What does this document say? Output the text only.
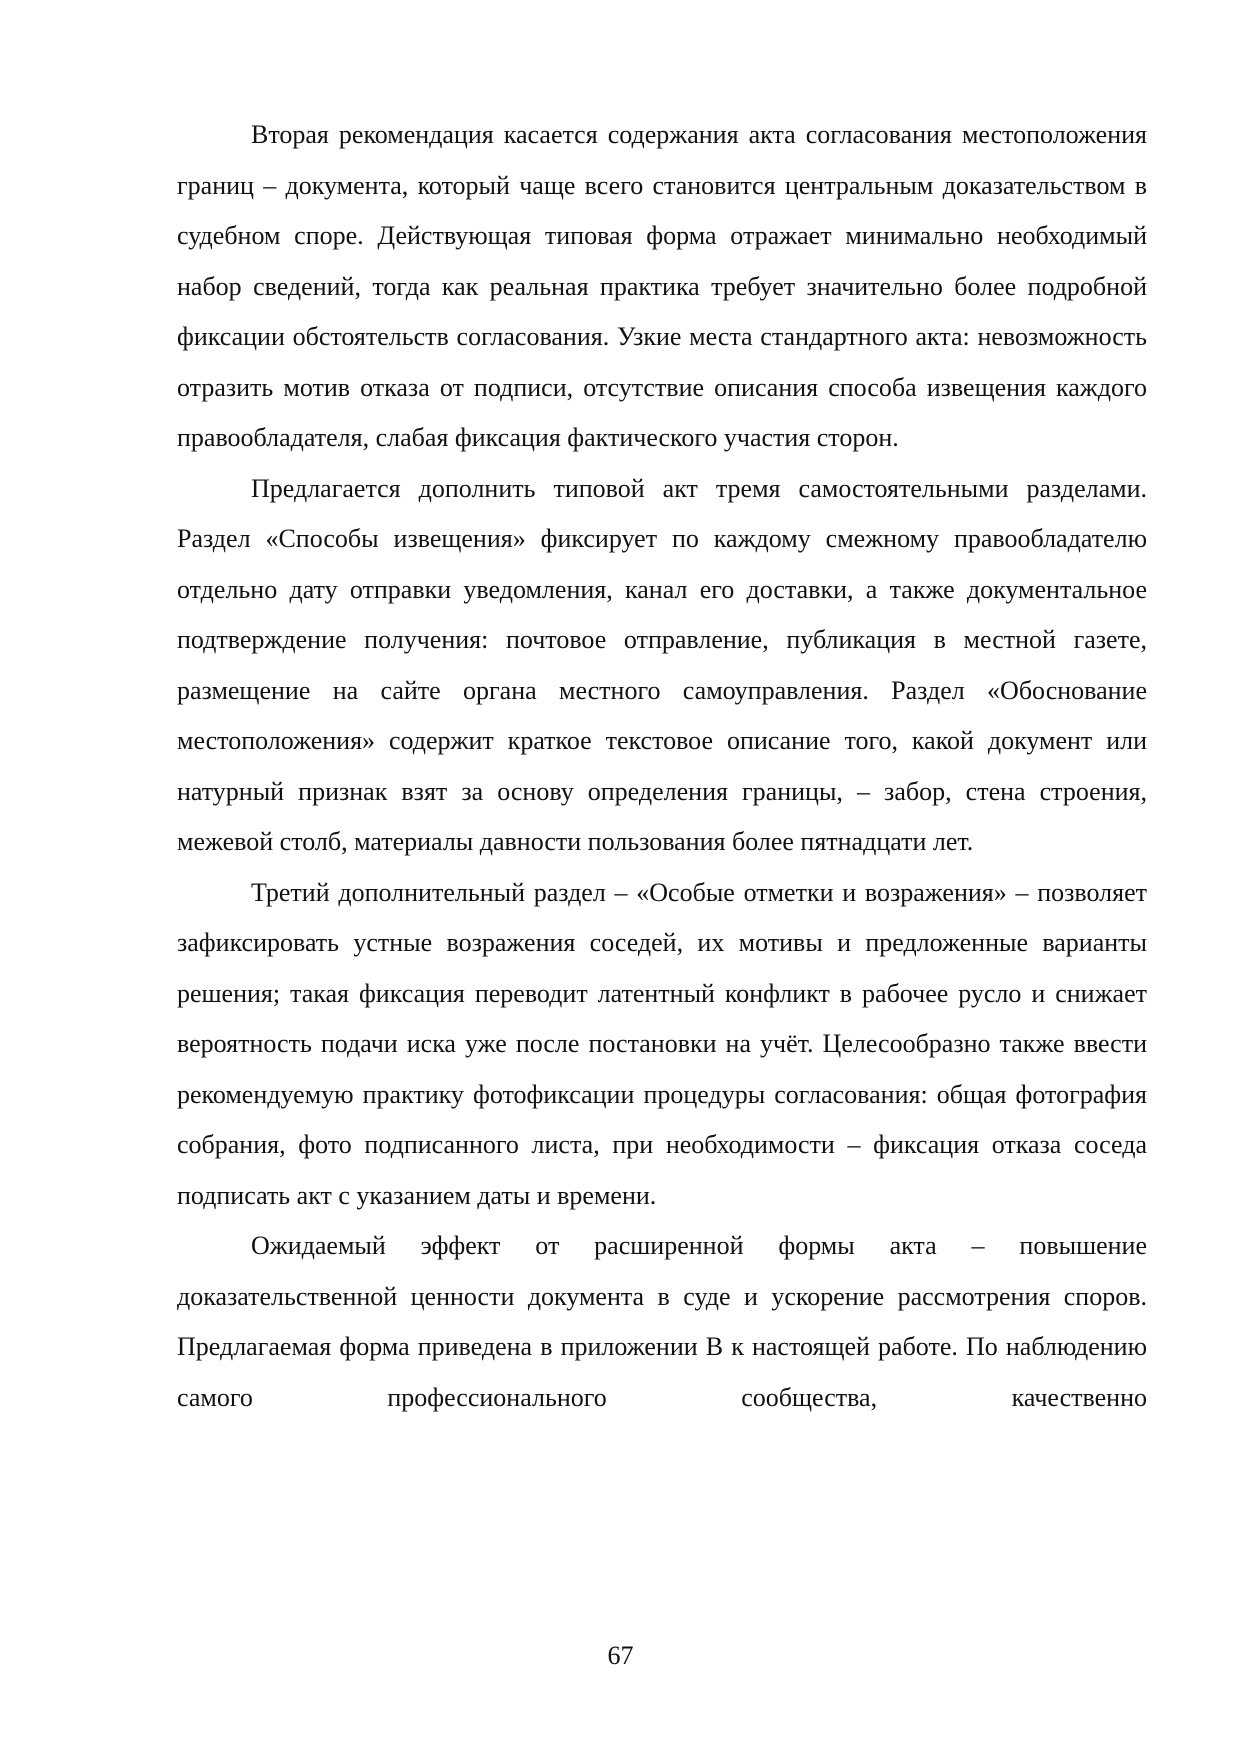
Вторая рекомендация касается содержания акта согласования местоположения границ – документа, который чаще всего становится центральным доказательством в судебном споре. Действующая типовая форма отражает минимально необходимый набор сведений, тогда как реальная практика требует значительно более подробной фиксации обстоятельств согласования. Узкие места стандартного акта: невозможность отразить мотив отказа от подписи, отсутствие описания способа извещения каждого правообладателя, слабая фиксация фактического участия сторон.

Предлагается дополнить типовой акт тремя самостоятельными разделами. Раздел «Способы извещения» фиксирует по каждому смежному правообладателю отдельно дату отправки уведомления, канал его доставки, а также документальное подтверждение получения: почтовое отправление, публикация в местной газете, размещение на сайте органа местного самоуправления. Раздел «Обоснование местоположения» содержит краткое текстовое описание того, какой документ или натурный признак взят за основу определения границы, – забор, стена строения, межевой столб, материалы давности пользования более пятнадцати лет.

Третий дополнительный раздел – «Особые отметки и возражения» – позволяет зафиксировать устные возражения соседей, их мотивы и предложенные варианты решения; такая фиксация переводит латентный конфликт в рабочее русло и снижает вероятность подачи иска уже после постановки на учёт. Целесообразно также ввести рекомендуемую практику фотофиксации процедуры согласования: общая фотография собрания, фото подписанного листа, при необходимости – фиксация отказа соседа подписать акт с указанием даты и времени.

Ожидаемый эффект от расширенной формы акта – повышение доказательственной ценности документа в суде и ускорение рассмотрения споров. Предлагаемая форма приведена в приложении В к настоящей работе. По наблюдению самого профессионального сообщества, качественно

67
